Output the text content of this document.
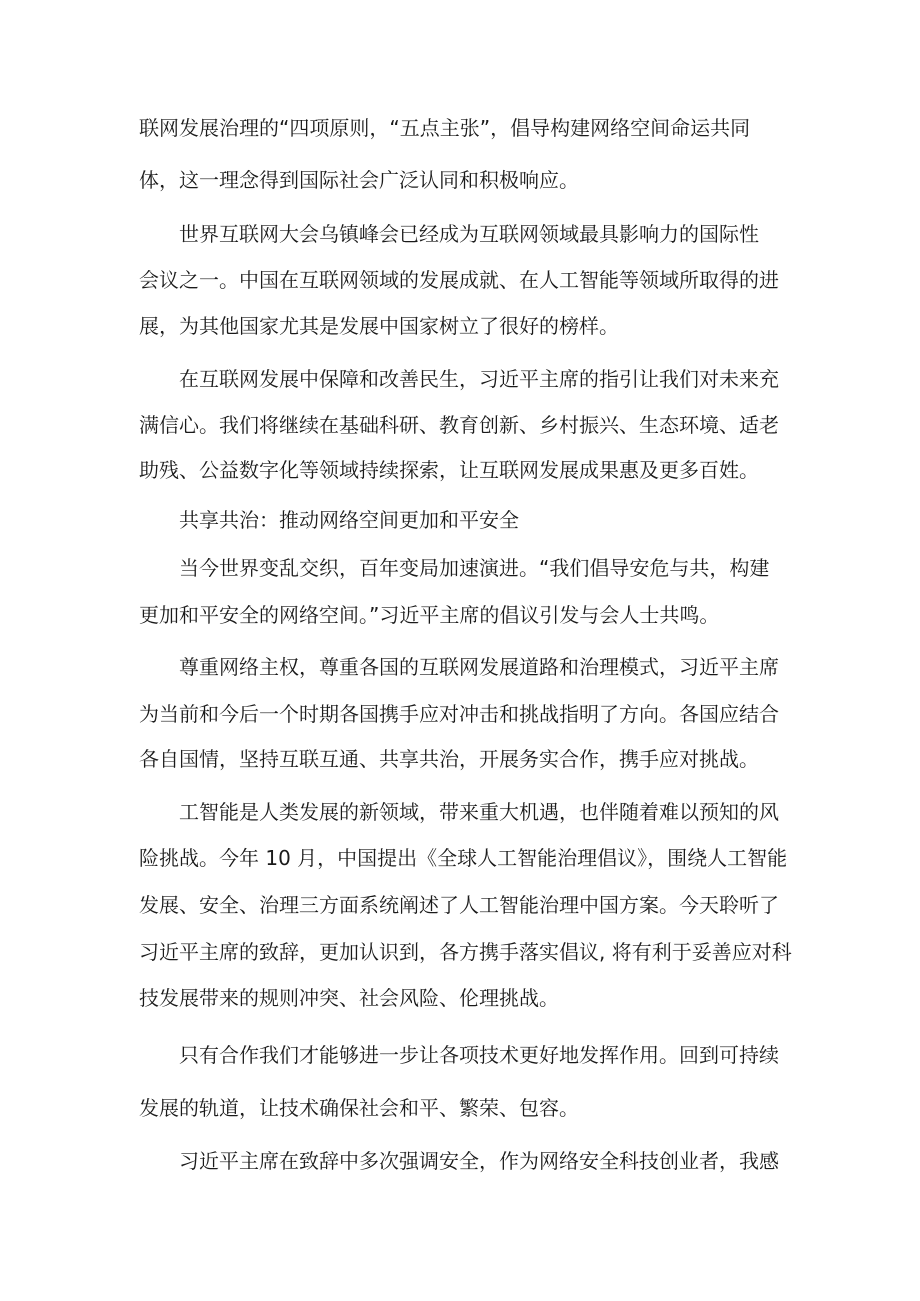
联网发展治理的“四项原则，“五点主张”，倡导构建网络空间命运共同
体，这一理念得到国际社会广泛认同和积极响应。
世界互联网大会乌镇峰会已经成为互联网领域最具影响力的国际性
会议之一。中国在互联网领域的发展成就、在人工智能等领域所取得的进
展，为其他国家尤其是发展中国家树立了很好的榜样。
在互联网发展中保障和改善民生，习近平主席的指引让我们对未来充
满信心。我们将继续在基础科研、教育创新、乡村振兴、生态环境、适老
助残、公益数字化等领域持续探索，让互联网发展成果惠及更多百姓。
共享共治：推动网络空间更加和平安全
当今世界变乱交织，百年变局加速演进。“我们倡导安危与共，构建
更加和平安全的网络空间。”习近平主席的倡议引发与会人士共鸣。
尊重网络主权，尊重各国的互联网发展道路和治理模式，习近平主席
为当前和今后一个时期各国携手应对冲击和挑战指明了方向。各国应结合
各自国情，坚持互联互通、共享共治，开展务实合作，携手应对挑战。
工智能是人类发展的新领域，带来重大机遇，也伴随着难以预知的风
险挑战。今年 10 月，中国提出《全球人工智能治理倡议》，围绕人工智能
发展、安全、治理三方面系统阐述了人工智能治理中国方案。今天聆听了
习近平主席的致辞，更加认识到，各方携手落实倡议, 将有利于妥善应对科
技发展带来的规则冲突、社会风险、伦理挑战。
只有合作我们才能够进一步让各项技术更好地发挥作用。回到可持续
发展的轨道，让技术确保社会和平、繁荣、包容。
习近平主席在致辞中多次强调安全，作为网络安全科技创业者，我感
